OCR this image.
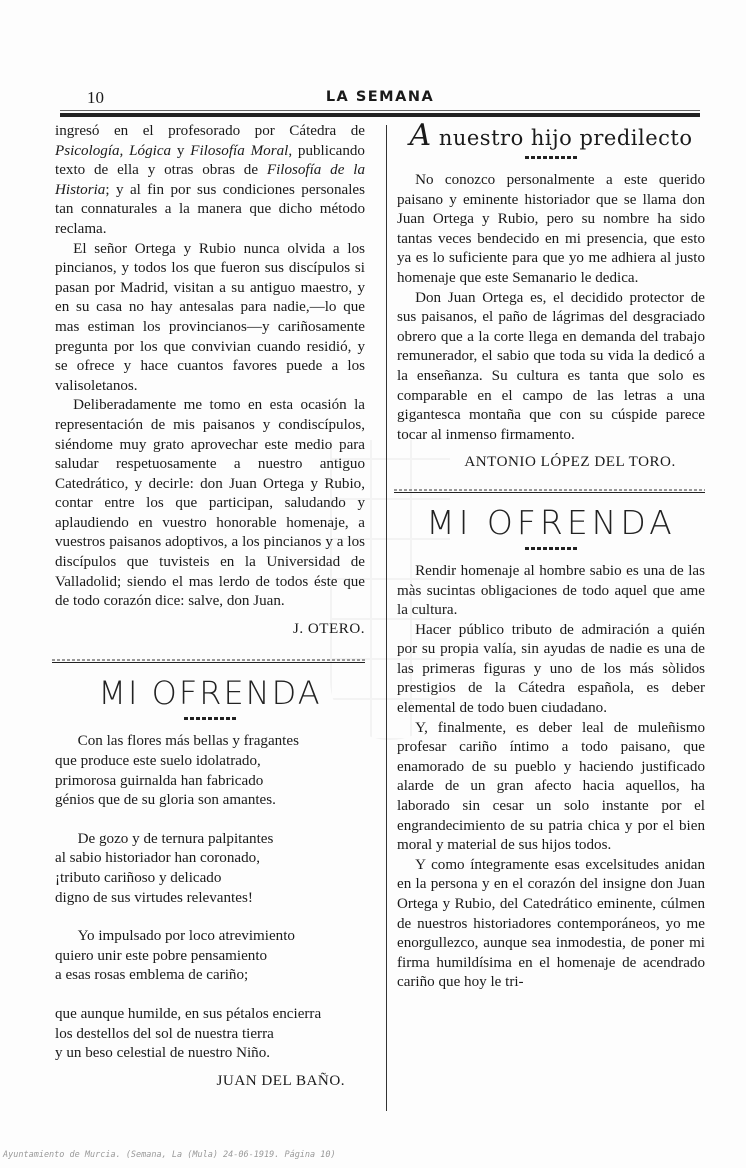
10	LA SEMANA

ingresó en el profesorado por Cátedra de Psicología, Lógica y Filosofía Moral, publicando texto de ella y otras obras de Filosofía de la Historia; y al fin por sus condiciones personales tan connaturales a la manera que dicho método reclama.

El señor Ortega y Rubio nunca olvida a los pincianos, y todos los que fueron sus discípulos si pasan por Madrid, visitan a su antiguo maestro, y en su casa no hay antesalas para nadie,—lo que mas estiman los provincianos—y cariñosamente pregunta por los que convivian cuando residió, y se ofrece y hace cuantos favores puede a los valisoletanos.

Deliberadamente me tomo en esta ocasión la representación de mis paisanos y condiscípulos, siéndome muy grato aprovechar este medio para saludar respetuosamente a nuestro antiguo Catedrático, y decirle: don Juan Ortega y Rubio, contar entre los que participan, saludando y aplaudiendo en vuestro honorable homenaje, a vuestros paisanos adoptivos, a los pincianos y a los discípulos que tuvisteis en la Universidad de Valladolid; siendo el mas lerdo de todos éste que de todo corazón dice: salve, don Juan.

J. OTERO.

MI OFRENDA
Con las flores más bellas y fragantes
que produce este suelo idolatrado,
primorosa guirnalda han fabricado
génios que de su gloria son amantes.
De gozo y de ternura palpitantes
al sabio historiador han coronado,
¡tributo cariñoso y delicado
digno de sus virtudes relevantes!
Yo impulsado por loco atrevimiento
quiero unir este pobre pensamiento
a esas rosas emblema de cariño;
que aunque humilde, en sus pétalos encierra
los destellos del sol de nuestra tierra
y un beso celestial de nuestro Niño.

JUAN DEL BAÑO.

A nuestro hijo predilecto

No conozco personalmente a este querido paisano y eminente historiador que se llama don Juan Ortega y Rubio, pero su nombre ha sido tantas veces bendecido en mi presencia, que esto ya es lo suficiente para que yo me adhiera al justo homenaje que este Semanario le dedica.

Don Juan Ortega es, el decidido protector de sus paisanos, el paño de lágrimas del desgraciado obrero que a la corte llega en demanda del trabajo remunerador, el sabio que toda su vida la dedicó a la enseñanza. Su cultura es tanta que solo es comparable en el campo de las letras a una gigantesca montaña que con su cúspide parece tocar al inmenso firmamento.

ANTONIO LÓPEZ DEL TORO.

MI OFRENDA

Rendir homenaje al hombre sabio es una de las màs sucintas obligaciones de todo aquel que ame la cultura.

Hacer público tributo de admiración a quién por su propia valía, sin ayudas de nadie es una de las primeras figuras y uno de los más sòlidos prestigios de la Cátedra española, es deber elemental de todo buen ciudadano.

Y, finalmente, es deber leal de muleñismo profesar cariño íntimo a todo paisano, que enamorado de su pueblo y haciendo justificado alarde de un gran afecto hacia aquellos, ha laborado sin cesar un solo instante por el engrandecimiento de su patria chica y por el bien moral y material de sus hijos todos.

Y como íntegramente esas excelsitudes anidan en la persona y en el corazón del insigne don Juan Ortega y Rubio, del Catedrático eminente, cúlmen de nuestros historiadores contemporáneos, yo me enorgullezco, aunque sea inmodestia, de poner mi firma humildísima en el homenaje de acendrado cariño que hoy le tri-

Ayuntamiento de Murcia. (Semana, La (Mula) 24-06-1919. Página 10)
